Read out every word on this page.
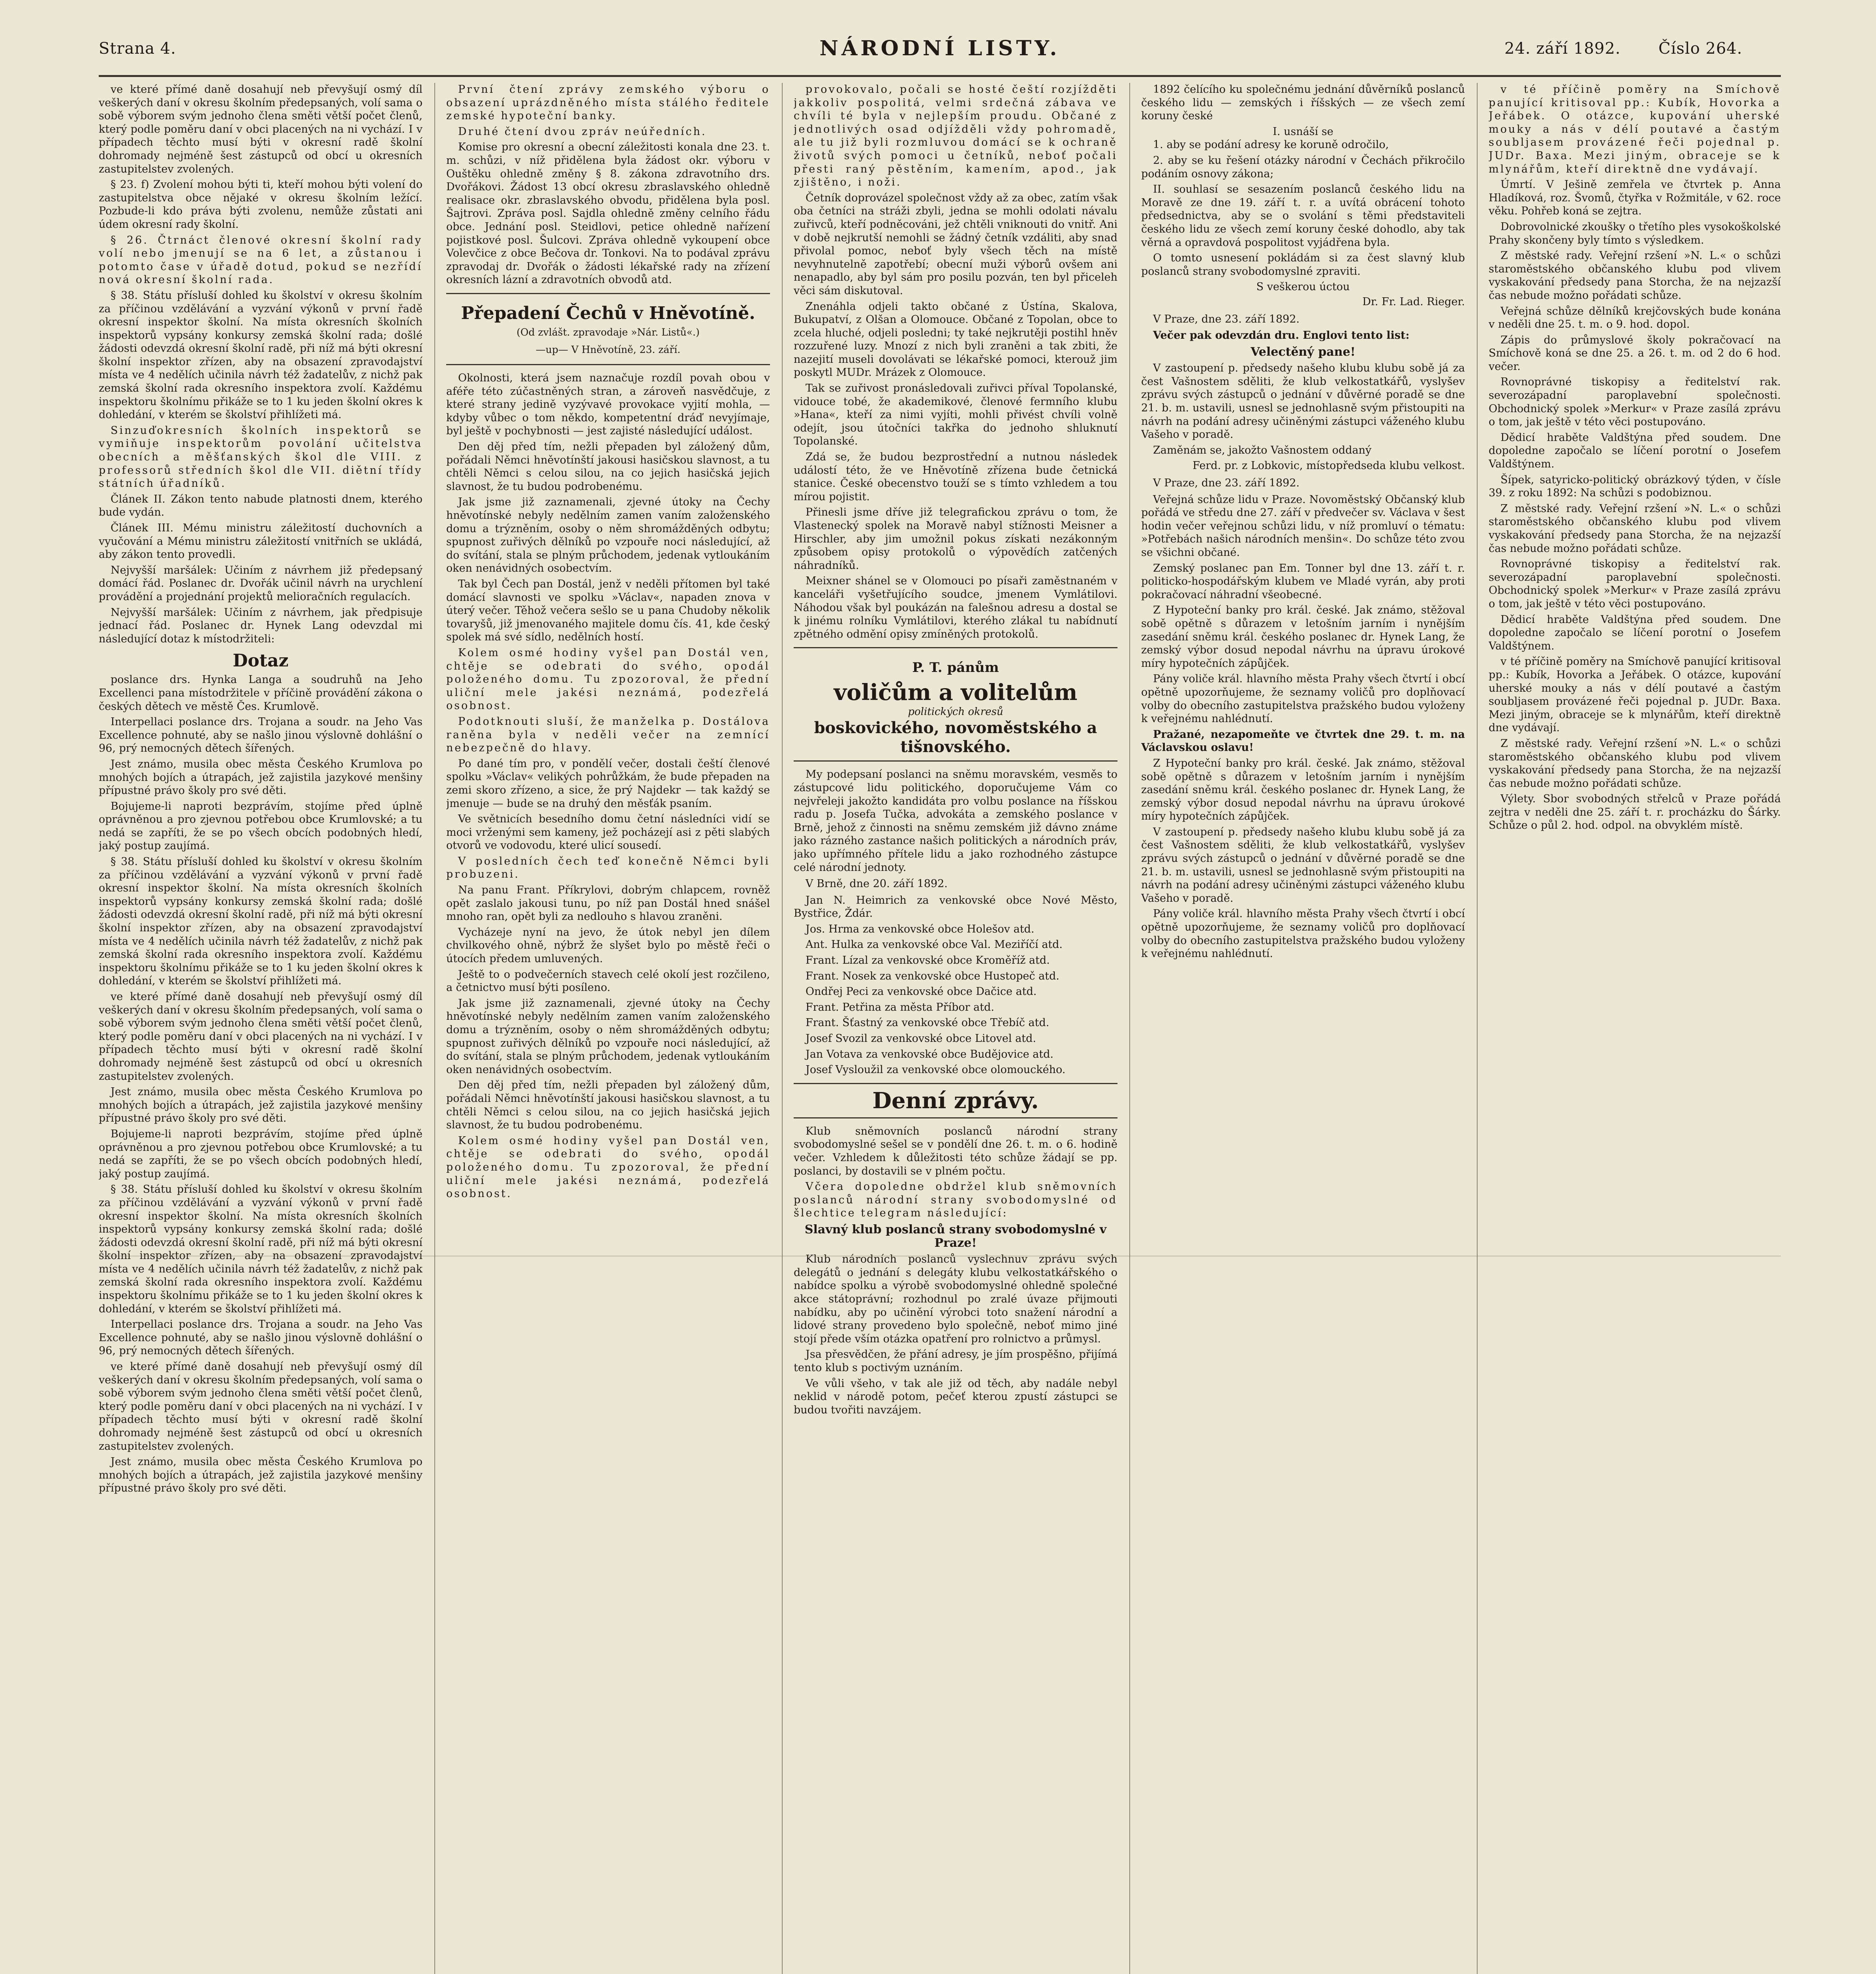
Strana 4.	NÁRODNÍ LISTY.	24. září 1892. Číslo 264.

ve které přímé daně dosahují neb převyšují osmý díl veškerých daní v okresu školním předepsaných, volí sama o sobě výborem svým jednoho člena směti větší počet členů, který podle poměru daní v obci placených na ni vychází. I v případech těchto musí býti v okresní radě školní dohromady nejméně šest zástupců od obcí u okresních zastupitelstev zvolených.

§ 23. f) Zvolení mohou býti ti, kteří mohou býti volení do zastupitelstva obce nějaké v okresu školním ležící. Pozbude-li kdo práva býti zvolenu, nemůže zůstati ani údem okresní rady školní.

§ 26. Čtrnáct členové okresní školní rady volí nebo jmenují se na 6 let, a zůstanou i potomto čase v úřadě dotud, pokud se nezřídí nová okresní školní rada.

§ 38. Státu přísluší dohled ku školství v okresu školním za příčinou vzdělávání a vyzvání výkonů v první řadě okresní inspektor školní. Na místa okresních školních inspektorů vypsány konkursy zemská školní rada; došlé žádosti odevzdá okresní školní radě, při níž má býti okresní školní inspektor zřízen, aby na obsazení zpravodajství místa ve 4 nedělích učinila návrh též žadatelův, z nichž pak zemská školní rada okresního inspektora zvolí. Každému inspektoru školnímu přikáže se to 1 ku jeden školní okres k dohledání, v kterém se školství přihlížeti má.

Sinzuďokresních školních inspektorů se vymiňuje inspektorům povolání učitelstva obecních a měšťanských škol dle VIII. z professorů středních škol dle VII. diětní třídy státních úřadníků.

Článek II. Zákon tento nabude platnosti dnem, kterého bude vydán.

Článek III. Mému ministru záležitostí duchovních a vyučování a Mému ministru záležitostí vnitřních se ukládá, aby zákon tento provedli.

Nejvyšší maršálek: Učiním z návrhem již předepsaný domácí řád. Poslanec dr. Dvořák učinil návrh na urychlení provádění a projednání projektů melioračních regulacích.

Nejvyšší maršálek: Učiním z návrhem, jak předpisuje jednací řád. Poslanec dr. Hynek Lang odevzdal mi následující dotaz k místodržiteli:

Dotaz

poslance drs. Hynka Langa a soudruhů na Jeho Excellenci pana místodržitele v příčině provádění zákona o českých dětech ve městě Čes. Krumlově.

Interpellaci poslance drs. Trojana a soudr. na Jeho Vas Excellence pohnuté, aby se našlo jinou výslovně dohlášní o 96, prý nemocných dětech šířených.

Jest známo, musila obec města Českého Krumlova po mnohých bojích a útrapách, jež zajistila jazykové menšiny přípustné právo školy pro své děti.

Bojujeme-li naproti bezprávím, stojíme před úplně oprávněnou a pro zjevnou potřebou obce Krumlovské; a tu nedá se zapříti, že se po všech obcích podobných hledí, jaký postup zaujímá.

§ 38. Státu přísluší dohled ku školství v okresu školním za příčinou vzdělávání a vyzvání výkonů v první řadě okresní inspektor školní. Na místa okresních školních inspektorů vypsány konkursy zemská školní rada; došlé žádosti odevzdá okresní školní radě, při níž má býti okresní školní inspektor zřízen, aby na obsazení zpravodajství místa ve 4 nedělích učinila návrh též žadatelův, z nichž pak zemská školní rada okresního inspektora zvolí. Každému inspektoru školnímu přikáže se to 1 ku jeden školní okres k dohledání, v kterém se školství přihlížeti má.

ve které přímé daně dosahují neb převyšují osmý díl veškerých daní v okresu školním předepsaných, volí sama o sobě výborem svým jednoho člena směti větší počet členů, který podle poměru daní v obci placených na ni vychází. I v případech těchto musí býti v okresní radě školní dohromady nejméně šest zástupců od obcí u okresních zastupitelstev zvolených.

Jest známo, musila obec města Českého Krumlova po mnohých bojích a útrapách, jež zajistila jazykové menšiny přípustné právo školy pro své děti.

Bojujeme-li naproti bezprávím, stojíme před úplně oprávněnou a pro zjevnou potřebou obce Krumlovské; a tu nedá se zapříti, že se po všech obcích podobných hledí, jaký postup zaujímá.

§ 38. Státu přísluší dohled ku školství v okresu školním za příčinou vzdělávání a vyzvání výkonů v první řadě okresní inspektor školní. Na místa okresních školních inspektorů vypsány konkursy zemská školní rada; došlé žádosti odevzdá okresní školní radě, při níž má býti okresní školní inspektor zřízen, aby na obsazení zpravodajství místa ve 4 nedělích učinila návrh též žadatelův, z nichž pak zemská školní rada okresního inspektora zvolí. Každému inspektoru školnímu přikáže se to 1 ku jeden školní okres k dohledání, v kterém se školství přihlížeti má.

Interpellaci poslance drs. Trojana a soudr. na Jeho Vas Excellence pohnuté, aby se našlo jinou výslovně dohlášní o 96, prý nemocných dětech šířených.

ve které přímé daně dosahují neb převyšují osmý díl veškerých daní v okresu školním předepsaných, volí sama o sobě výborem svým jednoho člena směti větší počet členů, který podle poměru daní v obci placených na ni vychází. I v případech těchto musí býti v okresní radě školní dohromady nejméně šest zástupců od obcí u okresních zastupitelstev zvolených.

Jest známo, musila obec města Českého Krumlova po mnohých bojích a útrapách, jež zajistila jazykové menšiny přípustné právo školy pro své děti.

První čtení zprávy zemského výboru o obsazení uprázdněného místa stálého ředitele zemské hypoteční banky.

Druhé čtení dvou zpráv neúředních.

Komise pro okresní a obecní záležitosti konala dne 23. t. m. schůzi, v níž přidělena byla žádost okr. výboru v Ouštěku ohledně změny § 8. zákona zdravotního drs. Dvořákovi. Žádost 13 obcí okresu zbraslavského ohledně realisace okr. zbraslavského obvodu, přidělena byla posl. Šajtrovi. Zpráva posl. Sajdla ohledně změny celního řádu obce. Jednání posl. Steidlovi, petice ohledně nařízení pojistkové posl. Šulcovi. Zpráva ohledně vykoupení obce Volevčice z obce Bečova dr. Tonkovi. Na to podával zprávu zpravodaj dr. Dvořák o žádosti lékařské rady na zřízení okresních lázní a zdravotních obvodů atd.

Přepadení Čechů v Hněvotíně.
(Od zvlášt. zpravodaje »Nár. Listů«.)
—up— V Hněvotíně, 23. září.

Okolnosti, která jsem naznačuje rozdíl povah obou v aféře této zúčastněných stran, a zároveň nasvědčuje, z které strany jedině vyzývavé provokace vyjití mohla, — kdyby vůbec o tom někdo, kompetentní dráď nevyjímaje, byl ještě v pochybnosti — jest zajisté následující událost.

Den děj před tím, nežli přepaden byl záložený dům, pořádali Němci hněvotínští jakousi hasičskou slavnost, a tu chtěli Němci s celou silou, na co jejich hasičská jejich slavnost, že tu budou podrobenému.

Jak jsme již zaznamenali, zjevné útoky na Čechy hněvotínské nebyly nedělním zamen vaním založenského domu a trýzněním, osoby o něm shromážděných odbytu; spupnost zuřivých dělníků po vzpouře noci následující, až do svítání, stala se plným průchodem, jedenak vytloukáním oken nenávidných osobectvím.

Tak byl Čech pan Dostál, jenž v neděli přítomen byl také domácí slavnosti ve spolku »Václav«, napaden znova v úterý večer. Těhož večera sešlo se u pana Chudoby několik tovaryšů, již jmenovaného majitele domu čís. 41, kde český spolek má své sídlo, nedělních hostí.

Kolem osmé hodiny vyšel pan Dostál ven, chtěje se odebrati do svého, opodál položeného domu. Tu zpozoroval, že přední uliční mele jakési neznámá, podezřelá osobnost.

Podotknouti sluší, že manželka p. Dostálova raněna byla v neděli večer na zemnící nebezpečně do hlavy.

Po dané tím pro, v pondělí večer, dostali čeští členové spolku »Václav« velikých pohrůžkám, že bude přepaden na zemi skoro zřízeno, a sice, že prý Najdekr — tak každý se jmenuje — bude se na druhý den měsťák psaním.

Ve světnicích besedního domu četní následníci vidí se moci vrženými sem kameny, jež pocházejí asi z pěti slabých otvorů ve vodovodu, které ulicí sousedí.

V posledních čech teď konečně Němci byli probuzeni.

Na panu Frant. Příkrylovi, dobrým chlapcem, rovněž opět zaslalo jakousi tunu, po níž pan Dostál hned snášel mnoho ran, opět byli za nedlouho s hlavou zraněni.

Vycházeje nyní na jevo, že útok nebyl jen dílem chvilkového ohně, nýbrž že slyšet bylo po městě řeči o útocích předem umluvených.

Ještě to o podvečerních stavech celé okolí jest rozčileno, a četnictvo musí býti posíleno.

Jak jsme již zaznamenali, zjevné útoky na Čechy hněvotínské nebyly nedělním zamen vaním založenského domu a trýzněním, osoby o něm shromážděných odbytu; spupnost zuřivých dělníků po vzpouře noci následující, až do svítání, stala se plným průchodem, jedenak vytloukáním oken nenávidných osobectvím.

Den děj před tím, nežli přepaden byl záložený dům, pořádali Němci hněvotínští jakousi hasičskou slavnost, a tu chtěli Němci s celou silou, na co jejich hasičská jejich slavnost, že tu budou podrobenému.

Kolem osmé hodiny vyšel pan Dostál ven, chtěje se odebrati do svého, opodál položeného domu. Tu zpozoroval, že přední uliční mele jakési neznámá, podezřelá osobnost.

provokovalo, počali se hosté čeští rozjížděti jakkoliv pospolitá, velmi srdečná zábava ve chvíli té byla v nejlepším proudu. Občané z jednotlivých osad odjížděli vždy pohromadě, ale tu již byli rozmluvou domácí se k ochraně životů svých pomoci u četníků, neboť počali přesti raný pěstěním, kamením, apod., jak zjištěno, i noži.

Četník doprovázel společnost vždy až za obec, zatím však oba četníci na stráži zbyli, jedna se mohli odolati návalu zuřivců, kteří podněcováni, jež chtěli vniknouti do vnitř. Ani v době nejkrutší nemohli se žádný četník vzdáliti, aby snad přivolal pomoc, neboť byly všech těch na místě nevyhnutelně zapotřebí; obecní muži výborů ovšem ani nenapadlo, aby byl sám pro posilu pozván, ten byl přiceleh věci sám diskutoval.

Znenáhla odjeli takto občané z Ústína, Skalova, Bukupatví, z Olšan a Olomouce. Občané z Topolan, obce to zcela hluché, odjeli posledni; ty také nejkrutěji postihl hněv rozzuřené luzy. Mnozí z nich byli zraněni a tak zbiti, že nazejití museli dovolávati se lékařské pomoci, kterouž jim poskytl MUDr. Mrázek z Olomouce.

Tak se zuřivost pronásledovali zuřivci příval Topolanské, vidouce tobé, že akademikové, členové fermního klubu »Hana«, kteří za nimi vyjíti, mohli přivést chvíli volně odejít, jsou útočníci takřka do jednoho shluknutí Topolanské.

Zdá se, že budou bezprostřední a nutnou následek událostí této, že ve Hněvotíně zřízena bude četnická stanice. České obecenstvo touží se s tímto vzhledem a tou mírou pojistit.

Přinesli jsme dříve již telegrafickou zprávu o tom, že Vlastenecký spolek na Moravě nabyl stížnosti Meisner a Hirschler, aby jim umožnil pokus získati nezákonným způsobem opisy protokolů o výpovědích zatčených náhradníků.

Meixner shánel se v Olomouci po písaři zaměstnaném v kanceláři vyšetřujícího soudce, jmenem Vymlátilovi. Náhodou však byl poukázán na falešnou adresu a dostal se k jinému rolníku Vymlátilovi, kterého zlákal tu nabídnutí zpětného odmění opisy zmíněných protokolů.

P. T. pánům
voličům a volitelům
politických okresů
boskovického, novoměstského a tišnovského.

My podepsaní poslanci na sněmu moravském, vesměs to zástupcové lidu politického, doporučujeme Vám co nejvřeleji jakožto kandidáta pro volbu poslance na říšskou radu p. Josefa Tučka, advokáta a zemského poslance v Brně, jehož z činnosti na sněmu zemském již dávno známe jako rázného zastance našich politických a národních práv, jako upřímného přítele lidu a jako rozhodného zástupce celé národní jednoty.

V Brně, dne 20. září 1892.

Jan N. Heimrich za venkovské obce Nové Město, Bystřice, Ždár.

Jos. Hrma za venkovské obce Holešov atd.

Ant. Hulka za venkovské obce Val. Meziříčí atd.

Frant. Lízal za venkovské obce Kroměříž atd.

Frant. Nosek za venkovské obce Hustopeč atd.

Ondřej Peci za venkovské obce Dačice atd.

Frant. Petřina za města Příbor atd.

Frant. Šťastný za venkovské obce Třebíč atd.

Josef Svozil za venkovské obce Litovel atd.

Jan Votava za venkovské obce Budějovice atd.

Josef Vysloužil za venkovské obce olomouckého.

Denní zprávy.

Klub sněmovních poslanců národní strany svobodomyslné sešel se v pondělí dne 26. t. m. o 6. hodině večer. Vzhledem k důležitosti této schůze žádají se pp. poslanci, by dostavili se v plném počtu.

Včera dopoledne obdržel klub sněmovních poslanců národní strany svobodomyslné od šlechtice telegram následující:

Slavný klub poslanců strany svobodomyslné v Praze!

Klub národních poslanců vyslechnuv zprávu svých delegátů o jednání s delegáty klubu velkostatkářského o nabídce spolku a výrobě svobodomyslné ohledně společné akce státoprávní; rozhodnul po zralé úvaze přijmouti nabídku, aby po učinění výrobci toto snažení národní a lidové strany provedeno bylo společně, neboť mimo jiné stojí přede vším otázka opatření pro rolnictvo a průmysl.

Jsa přesvědčen, že přání adresy, je jím prospěšno, přijímá tento klub s poctivým uznáním.

Ve vůli všeho, v tak ale již od těch, aby nadále nebyl neklid v národě potom, pečeť kterou zpustí zástupci se budou tvořiti navzájem.

1892 čelícího ku společnému jednání důvěrníků poslanců českého lidu — zemských i říšských — ze všech zemí koruny české

I. usnáší se

1. aby se podání adresy ke koruně odročilo,

2. aby se ku řešení otázky národní v Čechách přikročilo podáním osnovy zákona;

II. souhlasí se sesazením poslanců českého lidu na Moravě ze dne 19. září t. r. a uvítá obrácení tohoto předsednictva, aby se o svolání s těmi představiteli českého lidu ze všech zemí koruny české dohodlo, aby tak věrná a opravdová pospolitost vyjádřena byla.

O tomto usnesení pokládám si za čest slavný klub poslanců strany svobodomyslné zpraviti.

S veškerou úctou
Dr. Fr. Lad. Rieger.
V Praze, dne 23. září 1892.

Večer pak odevzdán dru. Englovi tento list:

Velectěný pane!

V zastoupení p. předsedy našeho klubu klubu sobě já za čest Vašnostem sděliti, že klub velkostatkářů, vyslyšev zprávu svých zástupců o jednání v důvěrné poradě se dne 21. b. m. ustavili, usnesl se jednohlasně svým přistoupiti na návrh na podání adresy učiněnými zástupci váženého klubu Vašeho v poradě.

Zaměnám se, jakožto Vašnostem oddaný

Ferd. pr. z Lobkovic, místopředseda klubu velkost.
V Praze, dne 23. září 1892.

Veřejná schůze lidu v Praze. Novoměstský Občanský klub pořádá ve středu dne 27. září v předvečer sv. Václava v šest hodin večer veřejnou schůzi lidu, v níž promluví o tématu: »Potřebách našich národních menšin«. Do schůze této zvou se všichni občané.

Zemský poslanec pan Em. Tonner byl dne 13. září t. r. politicko-hospodářským klubem ve Mladé vyrán, aby proti pokračovací náhradní všeobecné.

Z Hypoteční banky pro král. české. Jak známo, stěžoval sobě opětně s důrazem v letošním jarním i nynějším zasedání sněmu král. českého poslanec dr. Hynek Lang, že zemský výbor dosud nepodal návrhu na úpravu úrokové míry hypotečních zápůjček.

Pány voliče král. hlavního města Prahy všech čtvrtí i obcí opětně upozorňujeme, že seznamy voličů pro doplňovací volby do obecního zastupitelstva pražského budou vyloženy k veřejnému nahlédnutí.

Pražané, nezapomeňte ve čtvrtek dne 29. t. m. na Václavskou oslavu!

Z Hypoteční banky pro král. české. Jak známo, stěžoval sobě opětně s důrazem v letošním jarním i nynějším zasedání sněmu král. českého poslanec dr. Hynek Lang, že zemský výbor dosud nepodal návrhu na úpravu úrokové míry hypotečních zápůjček.

V zastoupení p. předsedy našeho klubu klubu sobě já za čest Vašnostem sděliti, že klub velkostatkářů, vyslyšev zprávu svých zástupců o jednání v důvěrné poradě se dne 21. b. m. ustavili, usnesl se jednohlasně svým přistoupiti na návrh na podání adresy učiněnými zástupci váženého klubu Vašeho v poradě.

Pány voliče král. hlavního města Prahy všech čtvrtí i obcí opětně upozorňujeme, že seznamy voličů pro doplňovací volby do obecního zastupitelstva pražského budou vyloženy k veřejnému nahlédnutí.

v té příčině poměry na Smíchově panující kritisoval pp.: Kubík, Hovorka a Jeřábek. O otázce, kupování uherské mouky a nás v délí poutavé a častým soubljasem provázené řeči pojednal p. JUDr. Baxa. Mezi jiným, obraceje se k mlynářům, kteří direktně dne vydávají.

Úmrtí. V Ješině zemřela ve čtvrtek p. Anna Hladíková, roz. Švomů, čtyřka v Rožmitále, v 62. roce věku. Pohřeb koná se zejtra.

Dobrovolnické zkoušky o třetího ples vysokoškolské Prahy skončeny byly tímto s výsledkem.

Z městské rady. Veřejní rzšení »N. L.« o schůzi staroměstského občanského klubu pod vlivem vyskakování předsedy pana Storcha, že na nejzazší čas nebude možno pořádati schůze.

Veřejná schůze dělníků krejčovských bude konána v neděli dne 25. t. m. o 9. hod. dopol.

Zápis do průmyslové školy pokračovací na Smíchově koná se dne 25. a 26. t. m. od 2 do 6 hod. večer.

Rovnoprávné tiskopisy a ředitelství rak. severozápadní paroplavební společnosti. Obchodnický spolek »Merkur« v Praze zasílá zprávu o tom, jak ještě v této věci postupováno.

Dědicí hraběte Valdštýna před soudem. Dne dopoledne započalo se líčení porotní o Josefem Valdštýnem.

Šípek, satyricko-politický obrázkový týden, v čísle 39. z roku 1892: Na schůzi s podobiznou.

Z městské rady. Veřejní rzšení »N. L.« o schůzi staroměstského občanského klubu pod vlivem vyskakování předsedy pana Storcha, že na nejzazší čas nebude možno pořádati schůze.

Rovnoprávné tiskopisy a ředitelství rak. severozápadní paroplavební společnosti. Obchodnický spolek »Merkur« v Praze zasílá zprávu o tom, jak ještě v této věci postupováno.

Dědicí hraběte Valdštýna před soudem. Dne dopoledne započalo se líčení porotní o Josefem Valdštýnem.

v té příčině poměry na Smíchově panující kritisoval pp.: Kubík, Hovorka a Jeřábek. O otázce, kupování uherské mouky a nás v délí poutavé a častým soubljasem provázené řeči pojednal p. JUDr. Baxa. Mezi jiným, obraceje se k mlynářům, kteří direktně dne vydávají.

Z městské rady. Veřejní rzšení »N. L.« o schůzi staroměstského občanského klubu pod vlivem vyskakování předsedy pana Storcha, že na nejzazší čas nebude možno pořádati schůze.

Výlety. Sbor svobodných střelců v Praze pořádá zejtra v neděli dne 25. září t. r. procházku do Šárky. Schůze o půl 2. hod. odpol. na obvyklém místě.
